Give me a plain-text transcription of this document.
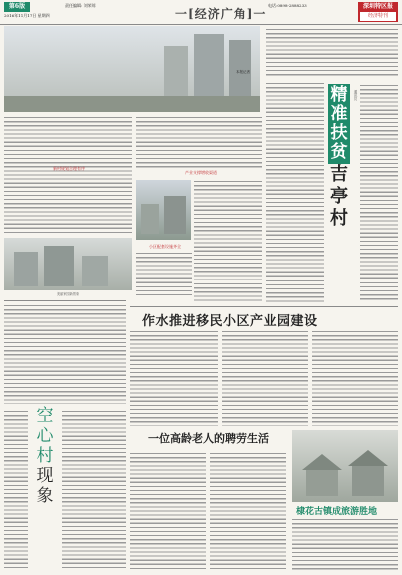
第6版
2016年11月17日 星期四
责任编辑: 刘荣琼
一[经济广角]一
电话:0898-2888233	深圳特区报
经济特刊
本报记者
新村规划合理有序
产业支撑增收渠道
美丽家园新景象
小区配套设施齐全
精
准
扶
贫
吉
亭
村
通讯员
作水推进移民小区产业园建设
空
心
村
现
象
一位高龄老人的聘劳生活
棣花古镇成旅游胜地
